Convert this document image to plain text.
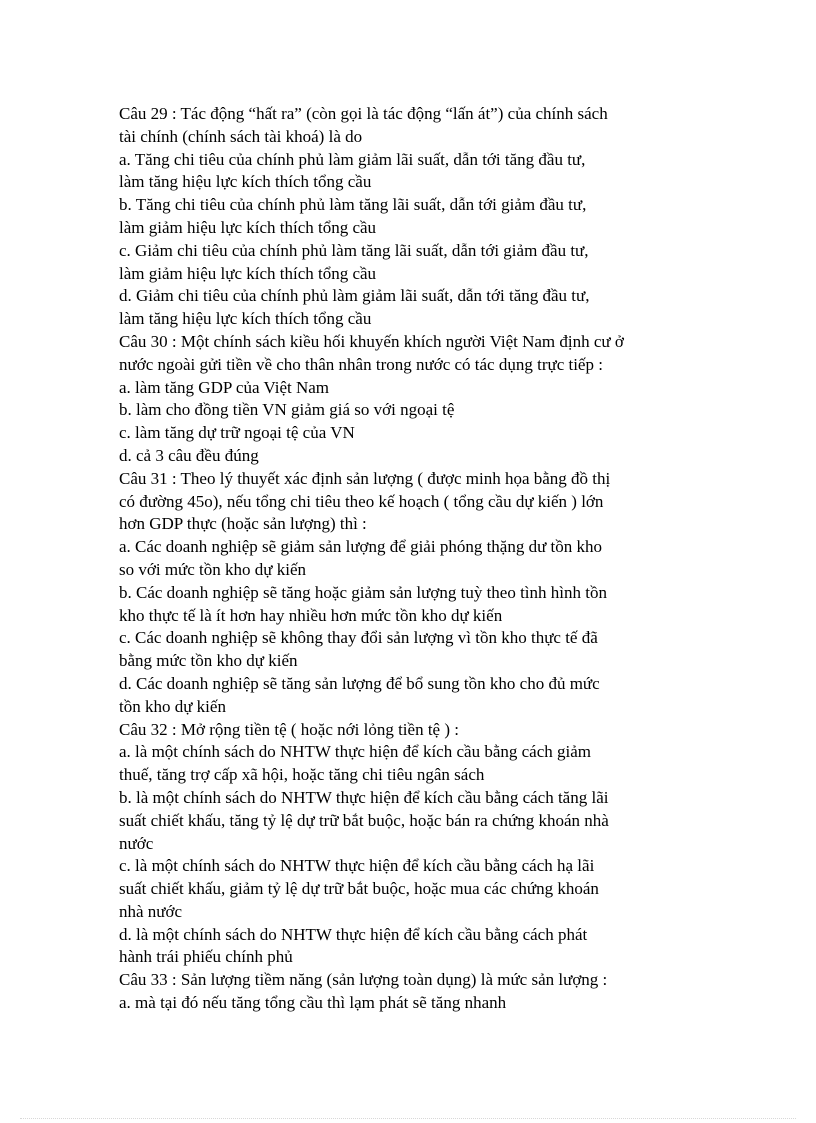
Câu 29 : Tác động “hất ra” (còn gọi là tác động “lấn át”) của chính sách
tài chính (chính sách tài khoá) là do
a. Tăng chi tiêu của chính phủ làm giảm lãi suất, dẫn tới tăng đầu tư,
làm tăng hiệu lực kích thích tổng cầu
b. Tăng chi tiêu của chính phủ làm tăng lãi suất, dẫn tới giảm đầu tư,
làm giảm hiệu lực kích thích tổng cầu
c. Giảm chi tiêu của chính phủ làm tăng lãi suất, dẫn tới giảm đầu tư,
làm giảm hiệu lực kích thích tổng cầu
d. Giảm chi tiêu của chính phủ làm giảm lãi suất, dẫn tới tăng đầu tư,
làm tăng hiệu lực kích thích tổng cầu
Câu 30 : Một chính sách kiều hối khuyến khích người Việt Nam định cư ở
nước ngoài gửi tiền về cho thân nhân trong nước có tác dụng trực tiếp :
a. làm tăng GDP của Việt Nam
b. làm cho đồng tiền VN giảm giá so với ngoại tệ
c. làm tăng dự trữ ngoại tệ của VN
d. cả 3 câu đều đúng
Câu 31 : Theo lý thuyết xác định sản lượng ( được minh họa bằng đồ thị
có đường 45o), nếu tổng chi tiêu theo kế hoạch ( tổng cầu dự kiến ) lớn
hơn GDP thực (hoặc sản lượng) thì :
a. Các doanh nghiệp sẽ giảm sản lượng để giải phóng thặng dư tồn kho
so với mức tồn kho dự kiến
b. Các doanh nghiệp sẽ tăng hoặc giảm sản lượng tuỳ theo tình hình tồn
kho thực tế là ít hơn hay nhiều hơn mức tồn kho dự kiến
c. Các doanh nghiệp sẽ không thay đổi sản lượng vì tồn kho thực tế đã
bằng mức tồn kho dự kiến
d. Các doanh nghiệp sẽ tăng sản lượng để bổ sung tồn kho cho đủ mức
tồn kho dự kiến
Câu 32 : Mở rộng tiền tệ ( hoặc nới lỏng tiền tệ ) :
a. là một chính sách do NHTW thực hiện để kích cầu bằng cách giảm
thuế, tăng trợ cấp xã hội, hoặc tăng chi tiêu ngân sách
b. là một chính sách do NHTW thực hiện để kích cầu bằng cách tăng lãi
suất chiết khấu, tăng tỷ lệ dự trữ bắt buộc, hoặc bán ra chứng khoán nhà
nước
c. là một chính sách do NHTW thực hiện để kích cầu bằng cách hạ lãi
suất chiết khấu, giảm tỷ lệ dự trữ bắt buộc, hoặc mua các chứng khoán
nhà nước
d. là một chính sách do NHTW thực hiện để kích cầu bằng cách phát
hành trái phiếu chính phủ
Câu 33 : Sản lượng tiềm năng (sản lượng toàn dụng) là mức sản lượng :
a. mà tại đó nếu tăng tổng cầu thì lạm phát sẽ tăng nhanh
